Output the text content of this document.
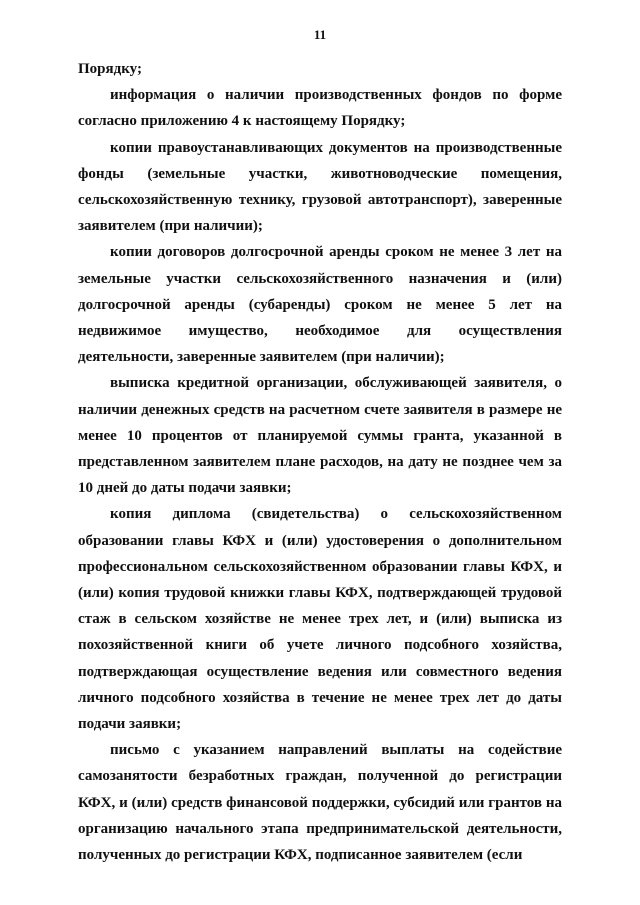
11

Порядку;

информация о наличии производственных фондов по форме согласно приложению 4 к настоящему Порядку;

копии правоустанавливающих документов на производственные фонды (земельные участки, животноводческие помещения, сельскохозяйственную технику, грузовой автотранспорт), заверенные заявителем (при наличии);

копии договоров долгосрочной аренды сроком не менее 3 лет на земельные участки сельскохозяйственного назначения и (или) долгосрочной аренды (субаренды) сроком не менее 5 лет на недвижимое имущество, необходимое для осуществления деятельности, заверенные заявителем (при наличии);

выписка кредитной организации, обслуживающей заявителя, о наличии денежных средств на расчетном счете заявителя в размере не менее 10 процентов от планируемой суммы гранта, указанной в представленном заявителем плане расходов, на дату не позднее чем за 10 дней до даты подачи заявки;

копия диплома (свидетельства) о сельскохозяйственном образовании главы КФХ и (или) удостоверения о дополнительном профессиональном сельскохозяйственном образовании главы КФХ, и (или) копия трудовой книжки главы КФХ, подтверждающей трудовой стаж в сельском хозяйстве не менее трех лет, и (или) выписка из похозяйственной книги об учете личного подсобного хозяйства, подтверждающая осуществление ведения или совместного ведения личного подсобного хозяйства в течение не менее трех лет до даты подачи заявки;

письмо с указанием направлений выплаты на содействие самозанятости безработных граждан, полученной до регистрации КФХ, и (или) средств финансовой поддержки, субсидий или грантов на организацию начального этапа предпринимательской деятельности, полученных до регистрации КФХ, подписанное заявителем (если
